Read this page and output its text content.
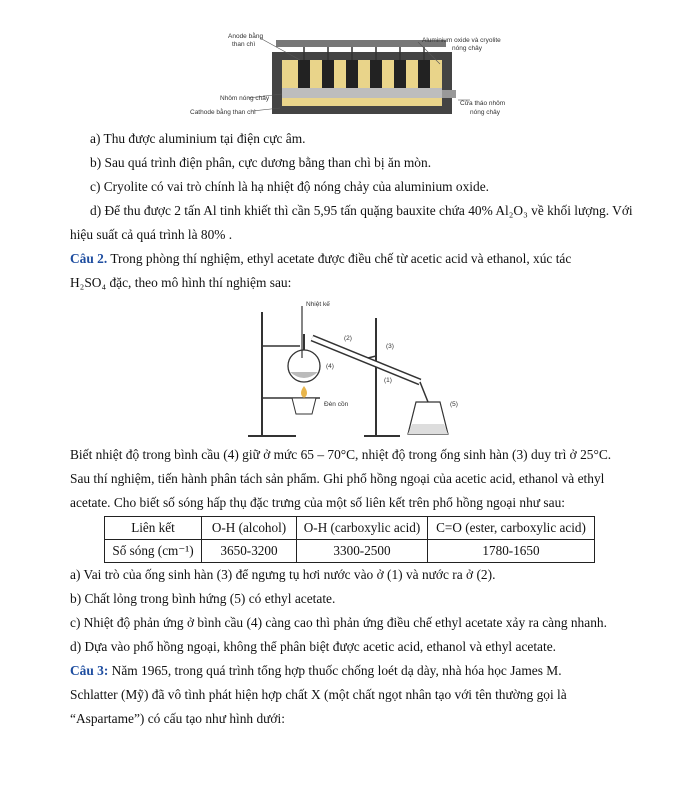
Anode bằng
than chì
Aluminium oxide và cryolite
nóng chảy
Nhôm nóng chảy
Cathode bằng than chì
Cửa tháo nhôm
nóng chảy
a) Thu được aluminium tại điện cực âm.
b) Sau quá trình điện phân, cực dương bằng than chì bị ăn mòn.
c) Cryolite có vai trò chính là hạ nhiệt độ nóng chảy của aluminium oxide.
d) Để thu được 2 tấn Al tinh khiết thì cần 5,95 tấn quặng bauxite chứa 40% Al₂O₃ về khối lượng. Với
hiệu suất cả quá trình là 80% .
Câu 2. Trong phòng thí nghiệm, ethyl acetate được điều chế từ acetic acid và ethanol, xúc tác
H₂SO₄ đặc, theo mô hình thí nghiệm sau:
Nhiệt kế
Đèn cồn
(1)
(2)
(3)
(4)
(5)
Biết nhiệt độ trong bình cầu (4) giữ ở mức 65 – 70°C, nhiệt độ trong ống sinh hàn (3) duy trì ở 25°C.
Sau thí nghiệm, tiến hành phân tách sản phẩm. Ghi phổ hồng ngoại của acetic acid, ethanol và ethyl
acetate. Cho biết số sóng hấp thụ đặc trưng của một số liên kết trên phổ hồng ngoại như sau:
Liên kết	O-H (alcohol)	O-H (carboxylic acid)	C=O (ester, carboxylic acid)
Số sóng (cm⁻¹)	3650-3200	3300-2500	1780-1650
a) Vai trò của ống sinh hàn (3) để ngưng tụ hơi nước vào ở (1) và nước ra ở (2).
b) Chất lỏng trong bình hứng (5) có ethyl acetate.
c) Nhiệt độ phản ứng ở bình cầu (4) càng cao thì phản ứng điều chế ethyl acetate xảy ra càng nhanh.
d) Dựa vào phổ hồng ngoại, không thể phân biệt được acetic acid, ethanol và ethyl acetate.
Câu 3: Năm 1965, trong quá trình tổng hợp thuốc chống loét dạ dày, nhà hóa học James M.
Schlatter (Mỹ) đã vô tình phát hiện hợp chất X (một chất ngọt nhân tạo với tên thường gọi là
“Aspartame”) có cấu tạo như hình dưới:
